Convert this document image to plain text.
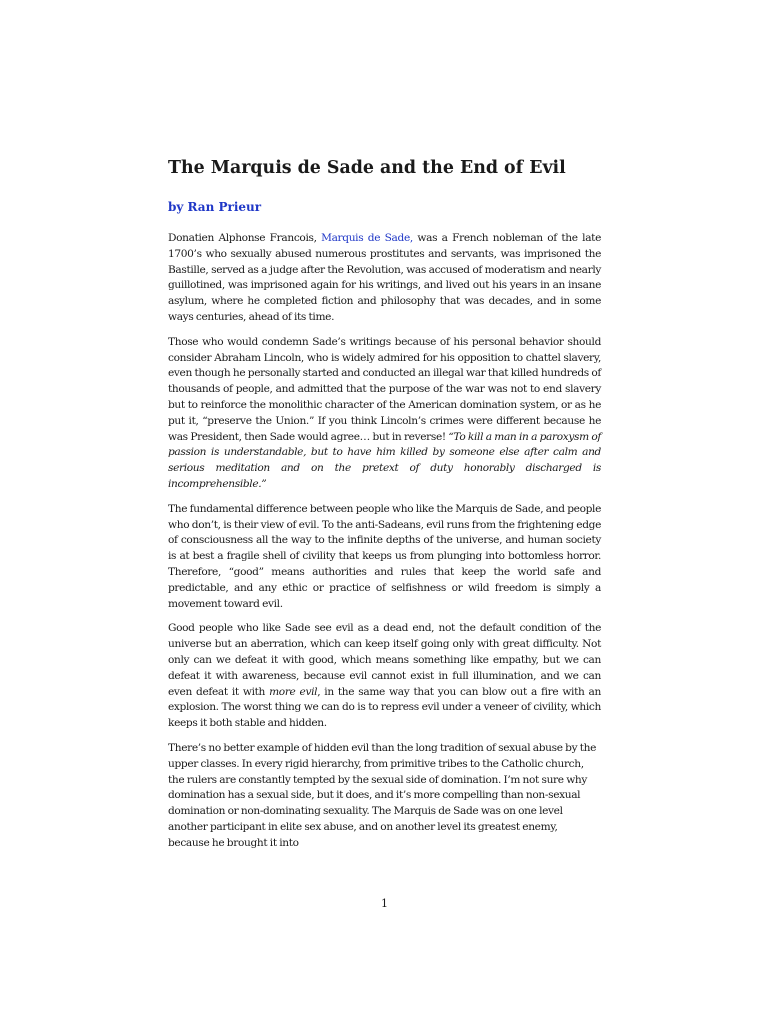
The Marquis de Sade and the End of Evil

by Ran Prieur

Donatien Alphonse Francois, Marquis de Sade, was a French nobleman of the late 1700’s who sexually abused numerous prostitutes and servants, was imprisoned the Bastille, served as a judge after the Revolution, was accused of moderatism and nearly guillotined, was imprisoned again for his writings, and lived out his years in an insane asylum, where he completed fiction and philosophy that was decades, and in some ways centuries, ahead of its time.

Those who would condemn Sade’s writings because of his personal behavior should consider Abraham Lincoln, who is widely admired for his opposition to chattel slavery, even though he personally started and conducted an illegal war that killed hundreds of thousands of people, and admitted that the purpose of the war was not to end slavery but to reinforce the monolithic character of the American domination system, or as he put it, “preserve the Union.” If you think Lincoln’s crimes were different because he was President, then Sade would agree… but in reverse! “To kill a man in a paroxysm of passion is understandable, but to have him killed by someone else after calm and serious meditation and on the pretext of duty honorably discharged is incomprehensible.”

The fundamental difference between people who like the Marquis de Sade, and people who don’t, is their view of evil. To the anti-Sadeans, evil runs from the frightening edge of consciousness all the way to the infinite depths of the universe, and human society is at best a fragile shell of civility that keeps us from plunging into bottomless horror. Therefore, “good” means authorities and rules that keep the world safe and predictable, and any ethic or practice of selfishness or wild freedom is simply a movement toward evil.

Good people who like Sade see evil as a dead end, not the default condition of the universe but an aberration, which can keep itself going only with great difficulty. Not only can we defeat it with good, which means something like empathy, but we can defeat it with awareness, because evil cannot exist in full illumination, and we can even defeat it with more evil, in the same way that you can blow out a fire with an explosion. The worst thing we can do is to repress evil under a veneer of civility, which keeps it both stable and hidden.

There’s no better example of hidden evil than the long tradition of sexual abuse by the upper classes. In every rigid hierarchy, from primitive tribes to the Catholic church, the rulers are constantly tempted by the sexual side of domination. I’m not sure why domination has a sexual side, but it does, and it’s more compelling than non-sexual domination or non-dominating sexuality. The Marquis de Sade was on one level another participant in elite sex abuse, and on another level its greatest enemy, because he brought it into

1
